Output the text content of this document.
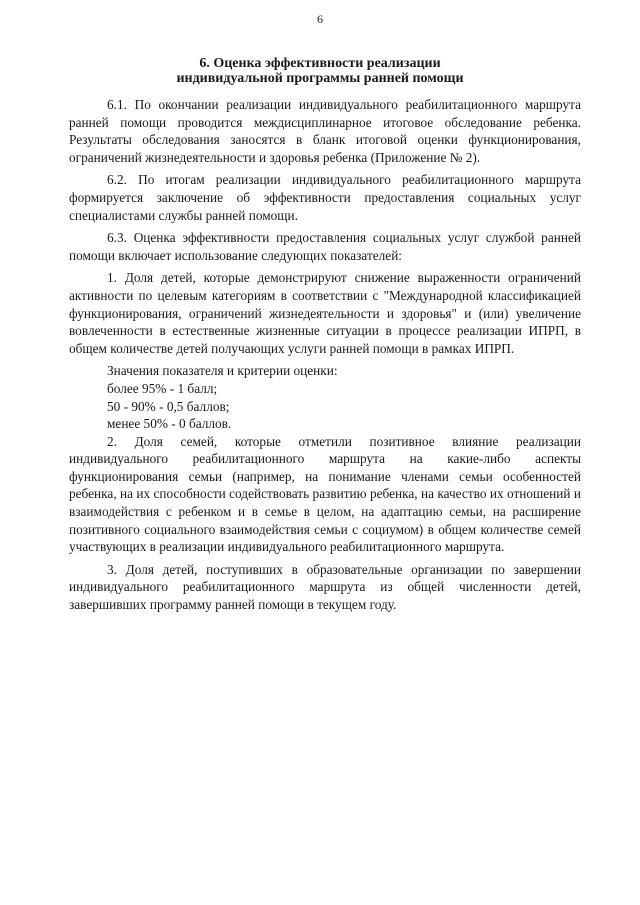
6
6. Оценка эффективности реализации
индивидуальной программы ранней помощи

6.1. По окончании реализации индивидуального реабилитационного маршрута ранней помощи проводится междисциплинарное итоговое обследование ребенка. Результаты обследования заносятся в бланк итоговой оценки функционирования, ограничений жизнедеятельности и здоровья ребенка (Приложение № 2).

6.2. По итогам реализации индивидуального реабилитационного маршрута формируется заключение об эффективности предоставления социальных услуг специалистами службы ранней помощи.

6.3. Оценка эффективности предоставления социальных услуг службой ранней помощи включает использование следующих показателей:

1. Доля детей, которые демонстрируют снижение выраженности ограничений активности по целевым категориям в соответствии с "Международной классификацией функционирования, ограничений жизнедеятельности и здоровья" и (или) увеличение вовлеченности в естественные жизненные ситуации в процессе реализации ИПРП, в общем количестве детей получающих услуги ранней помощи в рамках ИПРП.

Значения показателя и критерии оценки:

более 95% - 1 балл;

50 - 90% - 0,5 баллов;

менее 50% - 0 баллов.

2. Доля семей, которые отметили позитивное влияние реализации индивидуального реабилитационного маршрута на какие-либо аспекты функционирования семьи (например, на понимание членами семьи особенностей ребенка, на их способности содействовать развитию ребенка, на качество их отношений и взаимодействия с ребенком и в семье в целом, на адаптацию семьи, на расширение позитивного социального взаимодействия семьи с социумом) в общем количестве семей участвующих в реализации индивидуального реабилитационного маршрута.

3. Доля детей, поступивших в образовательные организации по завершении индивидуального реабилитационного маршрута из общей численности детей, завершивших программу ранней помощи в текущем году.
